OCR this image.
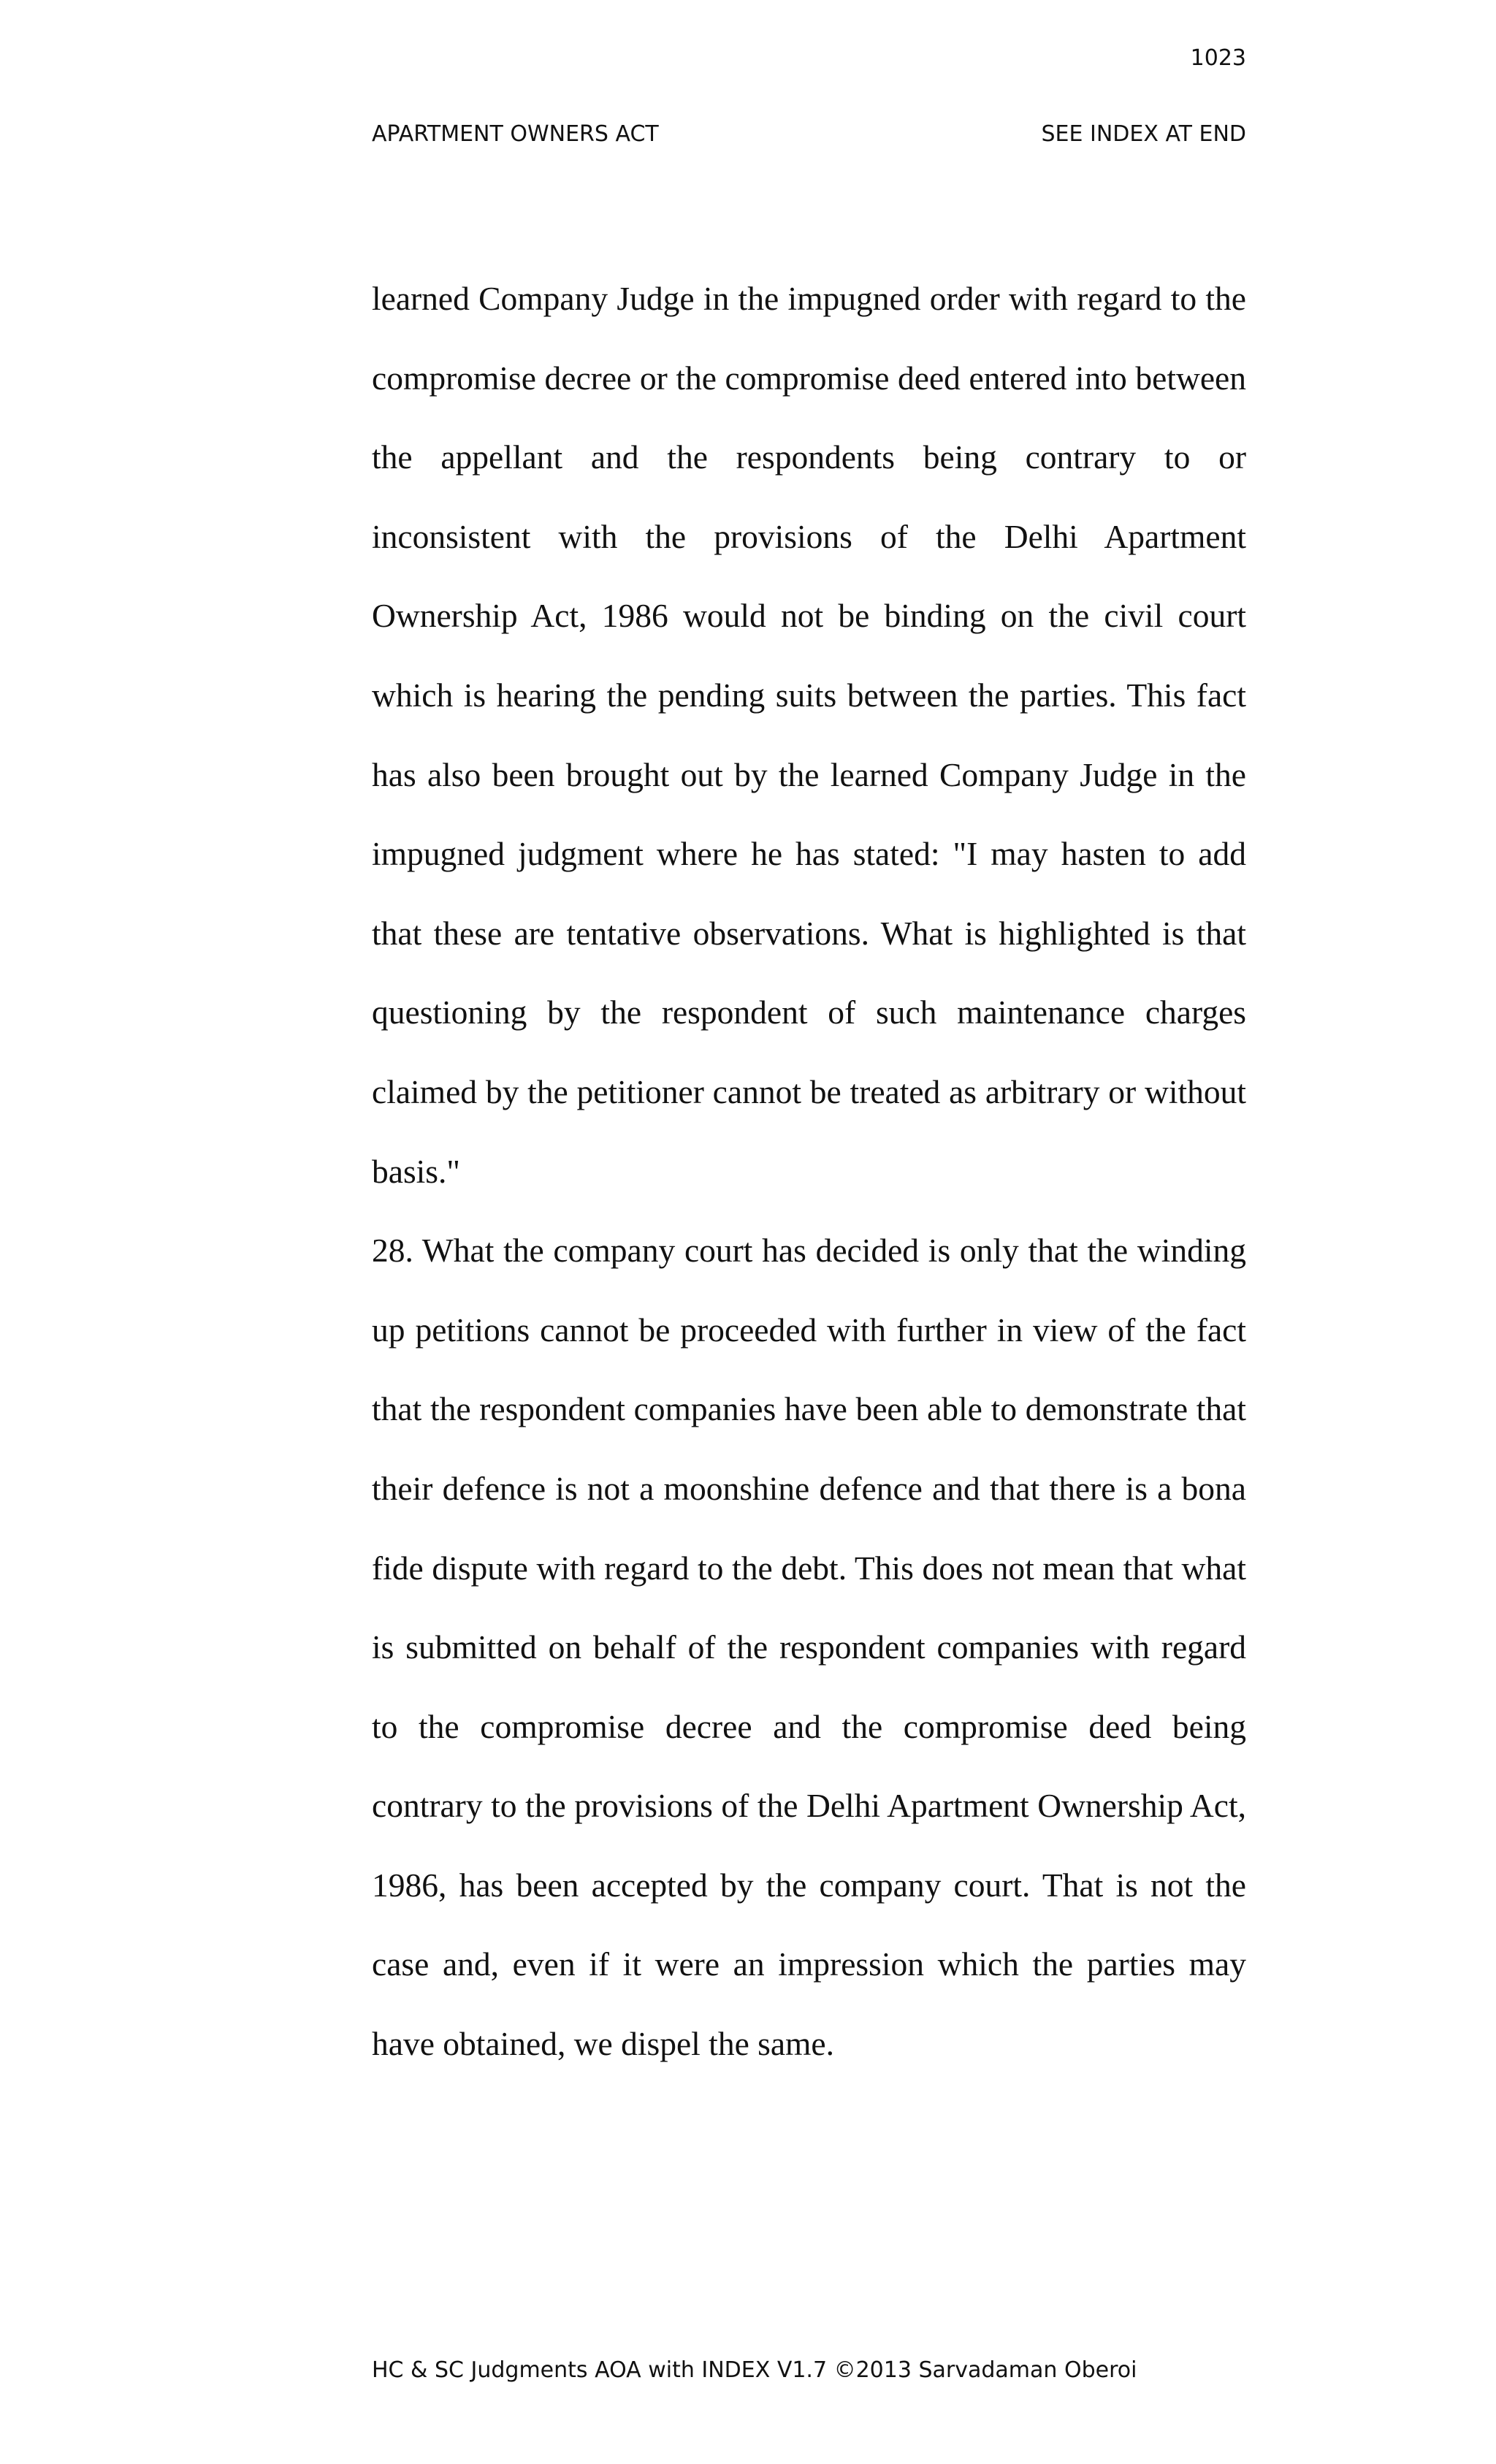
1023

APARTMENT OWNERS ACT	SEE INDEX AT END

learned Company Judge in the impugned order with regard to the compromise decree or the compromise deed entered into between the appellant and the respondents being contrary to or inconsistent with the provisions of the Delhi Apartment Ownership Act, 1986 would not be binding on the civil court which is hearing the pending suits between the parties. This fact has also been brought out by the learned Company Judge in the impugned judgment where he has stated: "I may hasten to add that these are tentative observations. What is highlighted is that questioning by the respondent of such maintenance charges claimed by the petitioner cannot be treated as arbitrary or without basis."

28. What the company court has decided is only that the winding up petitions cannot be proceeded with further in view of the fact that the respondent companies have been able to demonstrate that their defence is not a moonshine defence and that there is a bona fide dispute with regard to the debt. This does not mean that what is submitted on behalf of the respondent companies with regard to the compromise decree and the compromise deed being contrary to the provisions of the Delhi Apartment Ownership Act, 1986, has been accepted by the company court. That is not the case and, even if it were an impression which the parties may have obtained, we dispel the same.

HC & SC Judgments AOA with INDEX V1.7 ©2013 Sarvadaman Oberoi
